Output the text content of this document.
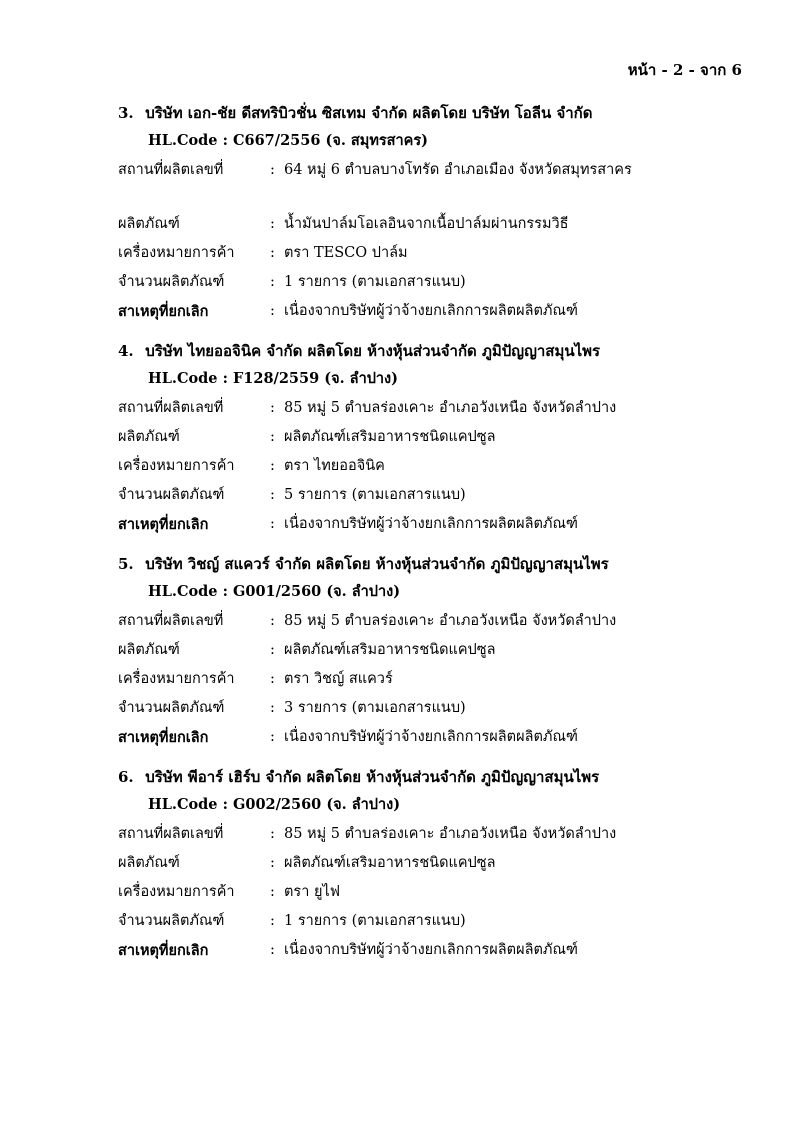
หน้า - 2 - จาก 6
3. บริษัท เอก-ชัย ดีสทริบิวชั่น ซิสเทม จำกัด ผลิตโดย บริษัท โอลีน จำกัด
HL.Code : C667/2556 (จ. สมุทรสาคร)
สถานที่ผลิตเลขที่	: 64 หมู่ 6 ตำบลบางโทรัด อำเภอเมือง จังหวัดสมุทรสาคร
ผลิตภัณฑ์	: น้ำมันปาล์มโอเลอินจากเนื้อปาล์มผ่านกรรมวิธี
เครื่องหมายการค้า	: ตรา TESCO ปาล์ม
จำนวนผลิตภัณฑ์	: 1 รายการ (ตามเอกสารแนบ)
สาเหตุที่ยกเลิก	: เนื่องจากบริษัทผู้ว่าจ้างยกเลิกการผลิตผลิตภัณฑ์
4. บริษัท ไทยออจินิค จำกัด ผลิตโดย ห้างหุ้นส่วนจำกัด ภูมิปัญญาสมุนไพร
HL.Code : F128/2559 (จ. ลำปาง)
สถานที่ผลิตเลขที่	: 85 หมู่ 5 ตำบลร่องเคาะ อำเภอวังเหนือ จังหวัดลำปาง
ผลิตภัณฑ์	: ผลิตภัณฑ์เสริมอาหารชนิดแคปซูล
เครื่องหมายการค้า	: ตรา ไทยออจินิค
จำนวนผลิตภัณฑ์	: 5 รายการ (ตามเอกสารแนบ)
สาเหตุที่ยกเลิก	: เนื่องจากบริษัทผู้ว่าจ้างยกเลิกการผลิตผลิตภัณฑ์
5. บริษัท วิชญ์ สแควร์ จำกัด ผลิตโดย ห้างหุ้นส่วนจำกัด ภูมิปัญญาสมุนไพร
HL.Code : G001/2560 (จ. ลำปาง)
สถานที่ผลิตเลขที่	: 85 หมู่ 5 ตำบลร่องเคาะ อำเภอวังเหนือ จังหวัดลำปาง
ผลิตภัณฑ์	: ผลิตภัณฑ์เสริมอาหารชนิดแคปซูล
เครื่องหมายการค้า	: ตรา วิชญ์ สแควร์
จำนวนผลิตภัณฑ์	: 3 รายการ (ตามเอกสารแนบ)
สาเหตุที่ยกเลิก	: เนื่องจากบริษัทผู้ว่าจ้างยกเลิกการผลิตผลิตภัณฑ์
6. บริษัท พีอาร์ เฮิร์บ จำกัด ผลิตโดย ห้างหุ้นส่วนจำกัด ภูมิปัญญาสมุนไพร
HL.Code : G002/2560 (จ. ลำปาง)
สถานที่ผลิตเลขที่	: 85 หมู่ 5 ตำบลร่องเคาะ อำเภอวังเหนือ จังหวัดลำปาง
ผลิตภัณฑ์	: ผลิตภัณฑ์เสริมอาหารชนิดแคปซูล
เครื่องหมายการค้า	: ตรา ยูไฟ
จำนวนผลิตภัณฑ์	: 1 รายการ (ตามเอกสารแนบ)
สาเหตุที่ยกเลิก	: เนื่องจากบริษัทผู้ว่าจ้างยกเลิกการผลิตผลิตภัณฑ์
